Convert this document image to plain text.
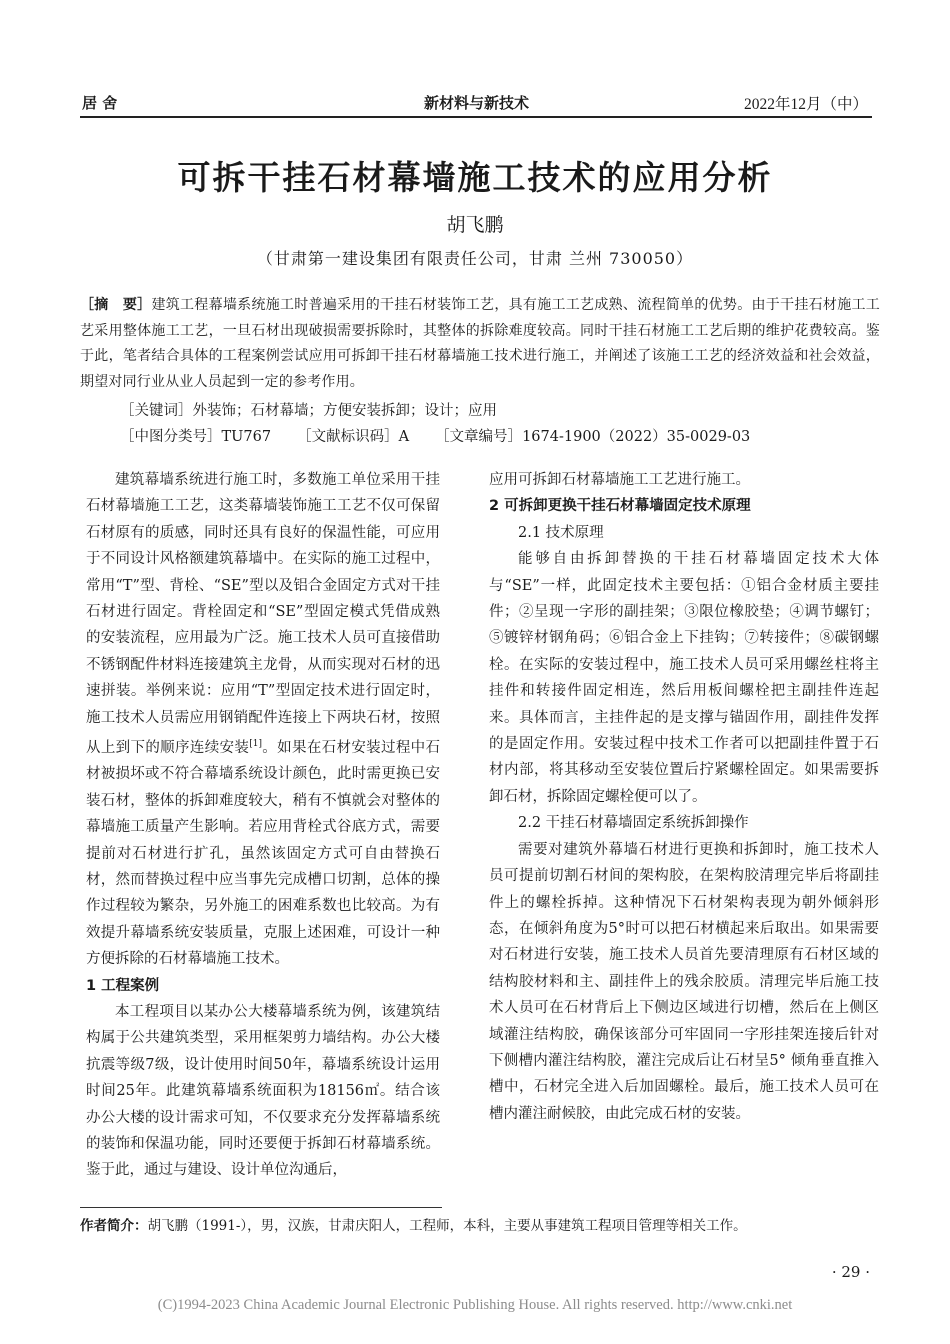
居 舍	新材料与新技术	2022年12月（中）
可拆干挂石材幕墙施工技术的应用分析
胡飞鹏
（甘肃第一建设集团有限责任公司，甘肃 兰州 730050）
［摘　要］建筑工程幕墙系统施工时普遍采用的干挂石材装饰工艺，具有施工工艺成熟、流程简单的优势。由于干挂石材施工工艺采用整体施工工艺，一旦石材出现破损需要拆除时，其整体的拆除难度较高。同时干挂石材施工工艺后期的维护花费较高。鉴于此，笔者结合具体的工程案例尝试应用可拆卸干挂石材幕墙施工技术进行施工，并阐述了该施工工艺的经济效益和社会效益，期望对同行业从业人员起到一定的参考作用。
［关键词］外装饰；石材幕墙；方便安装拆卸；设计；应用
［中图分类号］TU767 ［文献标识码］A ［文章编号］1674-1900（2022）35-0029-03

建筑幕墙系统进行施工时，多数施工单位采用干挂石材幕墙施工工艺，这类幕墙装饰施工工艺不仅可保留石材原有的质感，同时还具有良好的保温性能，可应用于不同设计风格额建筑幕墙中。在实际的施工过程中，常用“T”型、背栓、“SE”型以及铝合金固定方式对干挂石材进行固定。背栓固定和“SE”型固定模式凭借成熟的安装流程，应用最为广泛。施工技术人员可直接借助不锈钢配件材料连接建筑主龙骨，从而实现对石材的迅速拼装。举例来说：应用“T”型固定技术进行固定时，施工技术人员需应用钢销配件连接上下两块石材，按照从上到下的顺序连续安装[1]。如果在石材安装过程中石材被损坏或不符合幕墙系统设计颜色，此时需更换已安装石材，整体的拆卸难度较大，稍有不慎就会对整体的幕墙施工质量产生影响。若应用背栓式谷底方式，需要提前对石材进行扩孔，虽然该固定方式可自由替换石材，然而替换过程中应当事先完成槽口切割，总体的操作过程较为繁杂，另外施工的困难系数也比较高。为有效提升幕墙系统安装质量，克服上述困难，可设计一种方便拆除的石材幕墙施工技术。

1 工程案例

本工程项目以某办公大楼幕墙系统为例，该建筑结构属于公共建筑类型，采用框架剪力墙结构。办公大楼抗震等级7级，设计使用时间50年，幕墙系统设计运用时间25年。此建筑幕墙系统面积为18156㎡。结合该办公大楼的设计需求可知，不仅要求充分发挥幕墙系统的装饰和保温功能，同时还要便于拆卸石材幕墙系统。鉴于此，通过与建设、设计单位沟通后，

应用可拆卸石材幕墙施工工艺进行施工。

2 可拆卸更换干挂石材幕墙固定技术原理
2.1 技术原理

能够自由拆卸替换的干挂石材幕墙固定技术大体与“SE”一样，此固定技术主要包括：①铝合金材质主要挂件；②呈现一字形的副挂架；③限位橡胶垫；④调节螺钉；⑤镀锌材钢角码；⑥铝合金上下挂钩；⑦转接件；⑧碳钢螺栓。在实际的安装过程中，施工技术人员可采用螺丝柱将主挂件和转接件固定相连，然后用板间螺栓把主副挂件连起来。具体而言，主挂件起的是支撑与锚固作用，副挂件发挥的是固定作用。安装过程中技术工作者可以把副挂件置于石材内部，将其移动至安装位置后拧紧螺栓固定。如果需要拆卸石材，拆除固定螺栓便可以了。

2.2 干挂石材幕墙固定系统拆卸操作

需要对建筑外幕墙石材进行更换和拆卸时，施工技术人员可提前切割石材间的架构胶，在架构胶清理完毕后将副挂件上的螺栓拆掉。这种情况下石材架构表现为朝外倾斜形态，在倾斜角度为5°时可以把石材横起来后取出。如果需要对石材进行安装，施工技术人员首先要清理原有石材区域的结构胶材料和主、副挂件上的残余胶质。清理完毕后施工技术人员可在石材背后上下侧边区域进行切槽，然后在上侧区域灌注结构胶，确保该部分可牢固同一字形挂架连接后针对下侧槽内灌注结构胶，灌注完成后让石材呈5° 倾角垂直推入槽中，石材完全进入后加固螺栓。最后，施工技术人员可在槽内灌注耐候胶，由此完成石材的安装。

作者简介：胡飞鹏（1991-），男，汉族，甘肃庆阳人，工程师，本科，主要从事建筑工程项目管理等相关工作。
· 29 ·
(C)1994-2023 China Academic Journal Electronic Publishing House. All rights reserved. http://www.cnki.net
